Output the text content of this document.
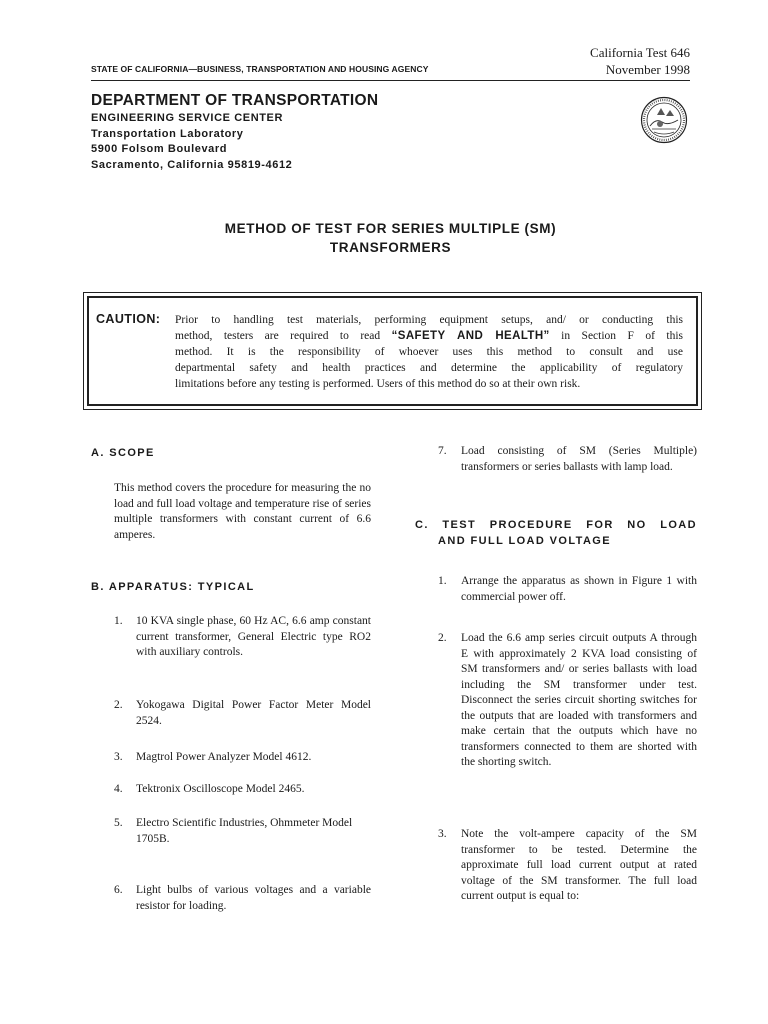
California Test 646
November 1998
STATE OF CALIFORNIA—BUSINESS, TRANSPORTATION AND HOUSING AGENCY
DEPARTMENT OF TRANSPORTATION
ENGINEERING SERVICE CENTER
Transportation Laboratory
5900 Folsom Boulevard
Sacramento, California 95819-4612
METHOD OF TEST FOR SERIES MULTIPLE (SM)
TRANSFORMERS
CAUTION: Prior to handling test materials, performing equipment setups, and/ or conducting this
method, testers are required to read “SAFETY AND HEALTH” in Section F of this
method. It is the responsibility of whoever uses this method to consult and use
departmental safety and health practices and determine the applicability of regulatory
limitations before any testing is performed. Users of this method do so at their own risk.
A. SCOPE
This method covers the procedure for measuring the no load and full load voltage and temperature rise of series multiple transformers with constant current of 6.6 amperes.
B. APPARATUS: TYPICAL
1.	10 KVA single phase, 60 Hz AC, 6.6 amp constant current transformer, General Electric type RO2 with auxiliary controls.
2.	Yokogawa Digital Power Factor Meter Model 2524.
3.	Magtrol Power Analyzer Model 4612.
4.	Tektronix Oscilloscope Model 2465.
5.	Electro Scientific Industries, Ohmmeter Model 1705B.
6.	Light bulbs of various voltages and a variable resistor for loading.
7.	Load consisting of SM (Series Multiple) transformers or series ballasts with lamp load.
C. TEST PROCEDURE FOR NO LOAD
AND FULL LOAD VOLTAGE
1.	Arrange the apparatus as shown in Figure 1 with commercial power off.
2.	Load the 6.6 amp series circuit outputs A through E with approximately 2 KVA load consisting of SM transformers and/ or series ballasts with load including the SM transformer under test. Disconnect the series circuit shorting switches for the outputs that are loaded with transformers and make certain that the outputs which have no transformers connected to them are shorted with the shorting switch.
3.	Note the volt-ampere capacity of the SM transformer to be tested. Determine the approximate full load current output at rated voltage of the SM transformer. The full load current output is equal to:
